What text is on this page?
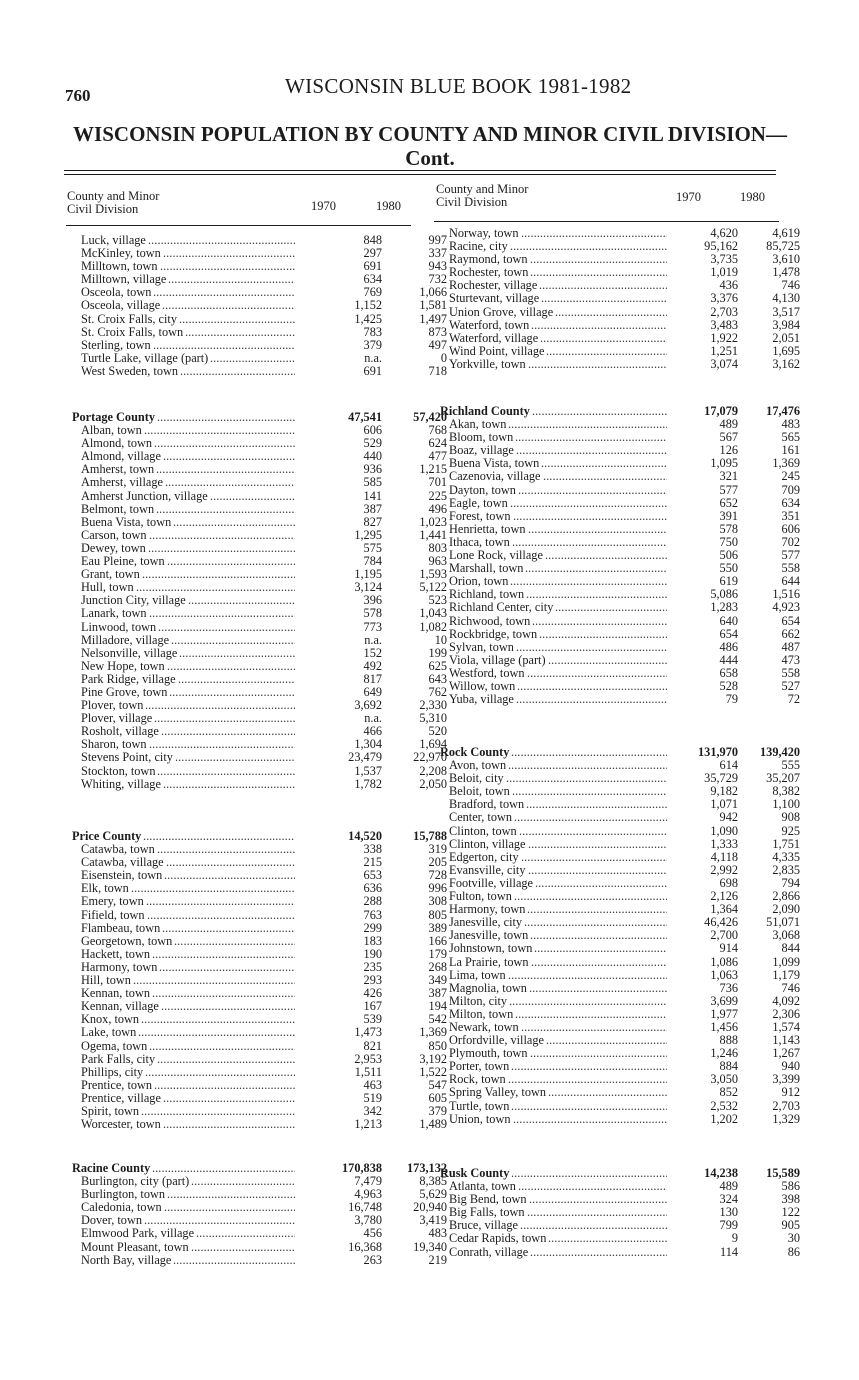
760	WISCONSIN BLUE BOOK 1981-1982
WISCONSIN POPULATION BY COUNTY AND MINOR CIVIL DIVISION—
Cont.
County and Minor
Civil Division	1970	1980
County and Minor
Civil Division	1970	1980
Luck, village . . .	848	997
McKinley, town . . .	297	337
Milltown, town . . .	691	943
Milltown, village . . .	634	732
Osceola, town . . .	769	1,066
Osceola, village . . .	1,152	1,581
St. Croix Falls, city . . .	1,425	1,497
St. Croix Falls, town . . .	783	873
Sterling, town . . .	379	497
Turtle Lake, village (part) . . .	n.a.	0
West Sweden, town . . .	691	718
Portage County . . .	47,541	57,420
Alban, town . . .	606	768
Almond, town . . .	529	624
Almond, village . . .	440	477
Amherst, town . . .	936	1,215
Amherst, village . . .	585	701
Amherst Junction, village . . .	141	225
Belmont, town . . .	387	496
Buena Vista, town . . .	827	1,023
Carson, town . . .	1,295	1,441
Dewey, town . . .	575	803
Eau Pleine, town . . .	784	963
Grant, town . . .	1,195	1,593
Hull, town . . .	3,124	5,122
Junction City, village . . .	396	523
Lanark, town . . .	578	1,043
Linwood, town . . .	773	1,082
Milladore, village . . .	n.a.	10
Nelsonville, village . . .	152	199
New Hope, town . . .	492	625
Park Ridge, village . . .	817	643
Pine Grove, town . . .	649	762
Plover, town . . .	3,692	2,330
Plover, village . . .	n.a.	5,310
Rosholt, village . . .	466	520
Sharon, town . . .	1,304	1,694
Stevens Point, city . . .	23,479	22,970
Stockton, town . . .	1,537	2,208
Whiting, village . . .	1,782	2,050
Price County . . .	14,520	15,788
Catawba, town . . .	338	319
Catawba, village . . .	215	205
Eisenstein, town . . .	653	728
Elk, town . . .	636	996
Emery, town . . .	288	308
Fifield, town . . .	763	805
Flambeau, town . . .	299	389
Georgetown, town . . .	183	166
Hackett, town . . .	190	179
Harmony, town . . .	235	268
Hill, town . . .	293	349
Kennan, town . . .	426	387
Kennan, village . . .	167	194
Knox, town . . .	539	542
Lake, town . . .	1,473	1,369
Ogema, town . . .	821	850
Park Falls, city . . .	2,953	3,192
Phillips, city . . .	1,511	1,522
Prentice, town . . .	463	547
Prentice, village . . .	519	605
Spirit, town . . .	342	379
Worcester, town . . .	1,213	1,489
Racine County . . .	170,838 173,132
Burlington, city (part) . . .	7,479	8,385
Burlington, town . . .	4,963	5,629
Caledonia, town . . .	16,748	20,940
Dover, town . . .	3,780	3,419
Elmwood Park, village . . .	456	483
Mount Pleasant, town . . .	16,368	19,340
North Bay, village . . .	263	219
Norway, town . . .	4,620	4,619
Racine, city . . .	95,162 85,725
Raymond, town . . .	3,735	3,610
Rochester, town . . .	1,019	1,478
Rochester, village . . .	436	746
Sturtevant, village . . .	3,376	4,130
Union Grove, village . . .	2,703	3,517
Waterford, town . . .	3,483	3,984
Waterford, village . . .	1,922	2,051
Wind Point, village . . .	1,251	1,695
Yorkville, town . . .	3,074	3,162
Richland County . . .	17,079 17,476
Akan, town . . .	489	483
Bloom, town . . .	567	565
Boaz, village . . .	126	161
Buena Vista, town . . .	1,095	1,369
Cazenovia, village . . .	321	245
Dayton, town . . .	577	709
Eagle, town . . .	652	634
Forest, town . . .	391	351
Henrietta, town . . .	578	606
Ithaca, town . . .	750	702
Lone Rock, village . . .	506	577
Marshall, town . . .	550	558
Orion, town . . .	619	644
Richland, town . . .	5,086	1,516
Richland Center, city . . .	1,283	4,923
Richwood, town . . .	640	654
Rockbridge, town . . .	654	662
Sylvan, town . . .	486	487
Viola, village (part) . . .	444	473
Westford, town . . .	658	558
Willow, town . . .	528	527
Yuba, village . . .	79	72
Rock County . . .	131,970 139,420
Avon, town . . .	614	555
Beloit, city . . .	35,729 35,207
Beloit, town . . .	9,182	8,382
Bradford, town . . .	1,071	1,100
Center, town . . .	942	908
Clinton, town . . .	1,090	925
Clinton, village . . .	1,333	1,751
Edgerton, city . . .	4,118	4,335
Evansville, city . . .	2,992	2,835
Footville, village . . .	698	794
Fulton, town . . .	2,126	2,866
Harmony, town . . .	1,364	2,090
Janesville, city . . .	46,426 51,071
Janesville, town . . .	2,700	3,068
Johnstown, town . . .	914	844
La Prairie, town . . .	1,086	1,099
Lima, town . . .	1,063	1,179
Magnolia, town . . .	736	746
Milton, city . . .	3,699	4,092
Milton, town . . .	1,977	2,306
Newark, town . . .	1,456	1,574
Orfordville, village . . .	888	1,143
Plymouth, town . . .	1,246	1,267
Porter, town . . .	884	940
Rock, town . . .	3,050	3,399
Spring Valley, town . . .	852	912
Turtle, town . . .	2,532	2,703
Union, town . . .	1,202	1,329
Rusk County . . .	14,238 15,589
Atlanta, town . . .	489	586
Big Bend, town . . .	324	398
Big Falls, town . . .	130	122
Bruce, village . . .	799	905
Cedar Rapids, town . . .	9	30
Conrath, village . . .	114	86
